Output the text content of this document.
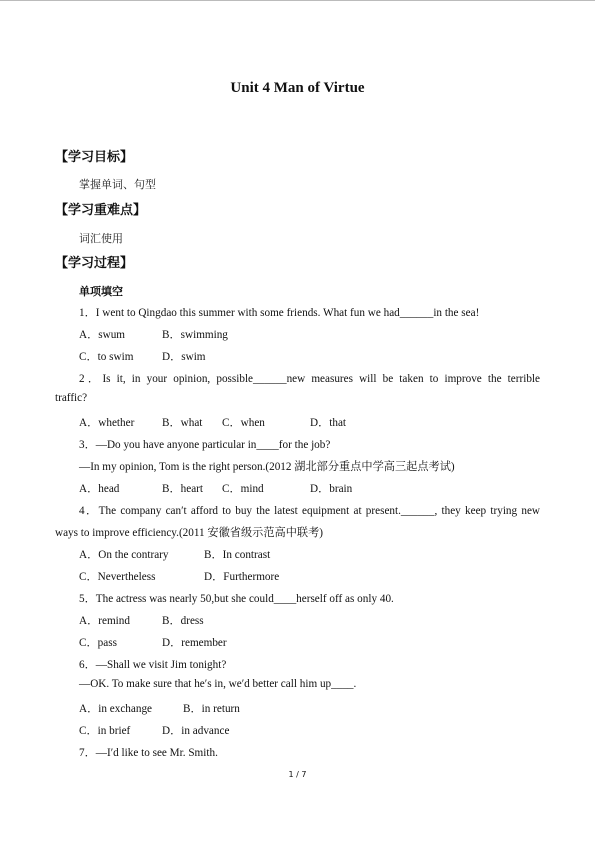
Unit 4 Man of Virtue
【学习目标】
掌握单词、句型
【学习重难点】
词汇使用
【学习过程】
单项填空
1．I went to Qingdao this summer with some friends. What fun we had______in the sea!
A．swum	B．swimming
C．to swim	D．swim
2．Is it, in your opinion, possible______new measures will be taken to improve the terrible
traffic?
A．whether B．what C．when	D．that
3．—Do you have anyone particular in____for the job?
—In my opinion, Tom is the right person.(2012 湖北部分重点中学高三起点考试)
A．head	B．heart C．mind	D．brain
4．The company can′t afford to buy the latest equipment at present.______, they keep trying new
ways to improve efficiency.(2011 安徽省级示范高中联考)
A．On the contrary	B．In contrast
C．Nevertheless	D．Furthermore
5．The actress was nearly 50,but she could____herself off as only 40.
A．remind	B．dress
C．pass	D．remember
6．—Shall we visit Jim tonight?
—OK. To make sure that he′s in, we′d better call him up____.
A．in exchange	B．in return
C．in brief	D．in advance
7．—I′d like to see Mr. Smith.
1 / 7
